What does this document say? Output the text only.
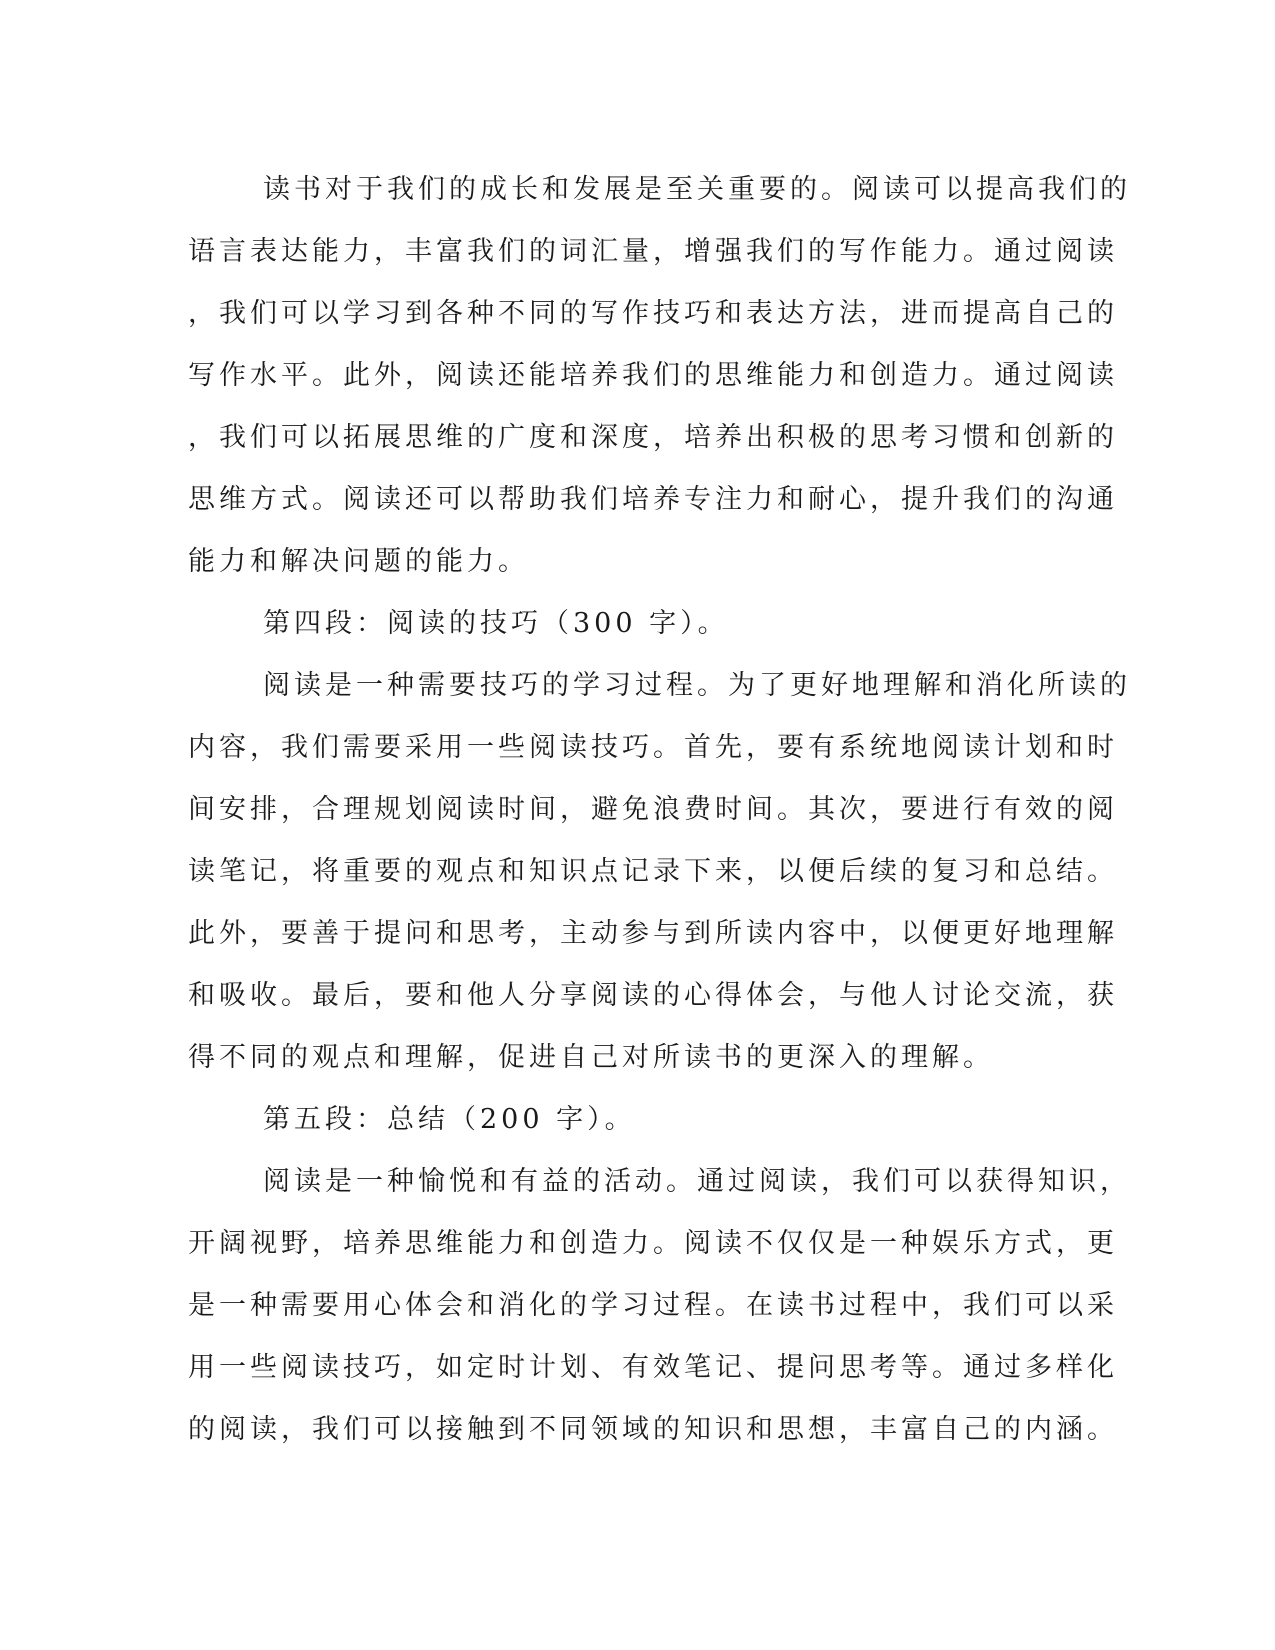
读书对于我们的成长和发展是至关重要的。阅读可以提高我们的
语言表达能力，丰富我们的词汇量，增强我们的写作能力。通过阅读
，我们可以学习到各种不同的写作技巧和表达方法，进而提高自己的
写作水平。此外，阅读还能培养我们的思维能力和创造力。通过阅读
，我们可以拓展思维的广度和深度，培养出积极的思考习惯和创新的
思维方式。阅读还可以帮助我们培养专注力和耐心，提升我们的沟通
能力和解决问题的能力。
第四段：阅读的技巧（300 字）。
阅读是一种需要技巧的学习过程。为了更好地理解和消化所读的
内容，我们需要采用一些阅读技巧。首先，要有系统地阅读计划和时
间安排，合理规划阅读时间，避免浪费时间。其次，要进行有效的阅
读笔记，将重要的观点和知识点记录下来，以便后续的复习和总结。
此外，要善于提问和思考，主动参与到所读内容中，以便更好地理解
和吸收。最后，要和他人分享阅读的心得体会，与他人讨论交流，获
得不同的观点和理解，促进自己对所读书的更深入的理解。
第五段：总结（200 字）。
阅读是一种愉悦和有益的活动。通过阅读，我们可以获得知识，
开阔视野，培养思维能力和创造力。阅读不仅仅是一种娱乐方式，更
是一种需要用心体会和消化的学习过程。在读书过程中，我们可以采
用一些阅读技巧，如定时计划、有效笔记、提问思考等。通过多样化
的阅读，我们可以接触到不同领域的知识和思想，丰富自己的内涵。
